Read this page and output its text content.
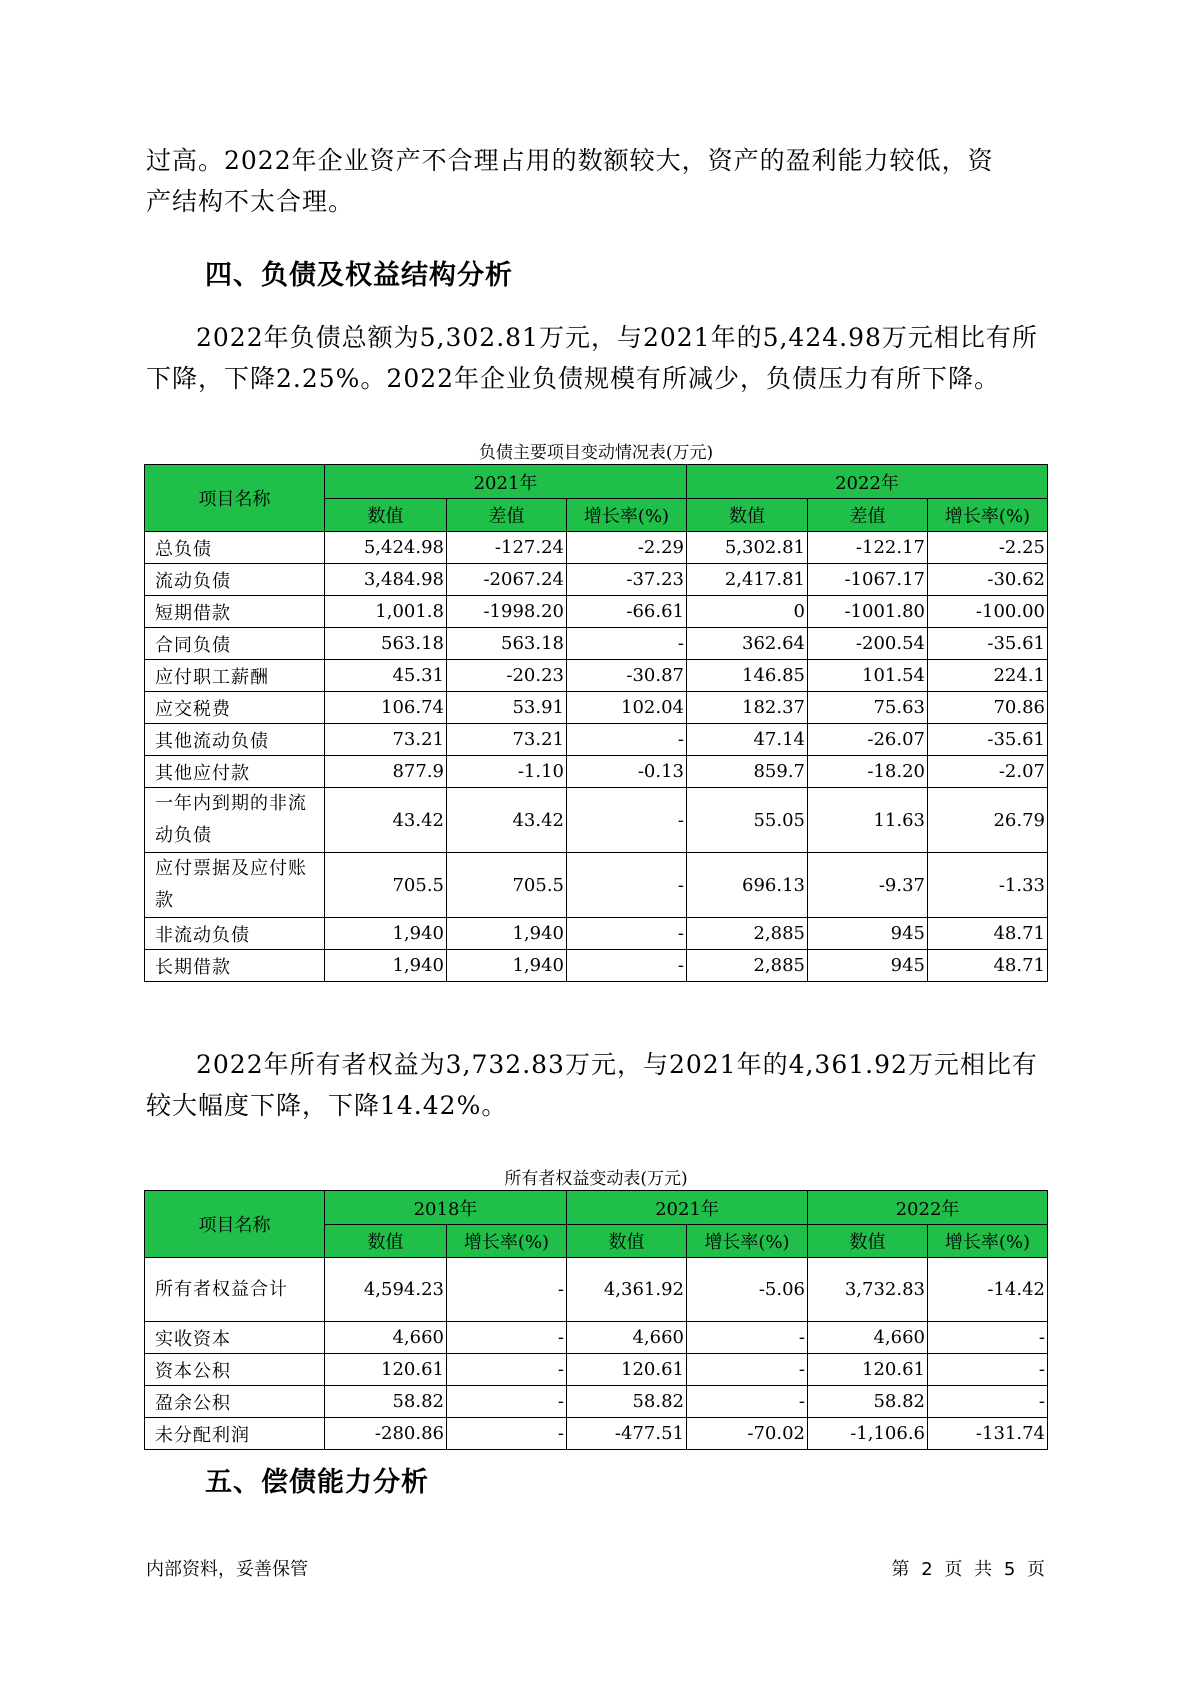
过高。2022年企业资产不合理占用的数额较大，资产的盈利能力较低，资

产结构不太合理。

四、负债及权益结构分析

2022年负债总额为5,302.81万元，与2021年的5,424.98万元相比有所

下降，下降2.25%。2022年企业负债规模有所减少，负债压力有所下降。

负债主要项目变动情况表(万元)
项目名称	2021年			2022年		
	数值	差值	增长率(%)	数值	差值	增长率(%)
总负债	5,424.98	-127.24	-2.29	5,302.81	-122.17	-2.25
流动负债	3,484.98	-2067.24	-37.23	2,417.81	-1067.17	-30.62
短期借款	1,001.8	-1998.20	-66.61	0	-1001.80	-100.00
合同负债	563.18	563.18	-	362.64	-200.54	-35.61
应付职工薪酬	45.31	-20.23	-30.87	146.85	101.54	224.1
应交税费	106.74	53.91	102.04	182.37	75.63	70.86
其他流动负债	73.21	73.21	-	47.14	-26.07	-35.61
其他应付款	877.9	-1.10	-0.13	859.7	-18.20	-2.07
一年内到期的非流动负债	43.42	43.42	-	55.05	11.63	26.79
应付票据及应付账款	705.5	705.5	-	696.13	-9.37	-1.33
非流动负债	1,940	1,940	-	2,885	945	48.71
长期借款	1,940	1,940	-	2,885	945	48.71

2022年所有者权益为3,732.83万元，与2021年的4,361.92万元相比有

较大幅度下降，下降14.42%。

所有者权益变动表(万元)
项目名称	2018年		2021年		2022年	
	数值	增长率(%)	数值	增长率(%)	数值	增长率(%)
所有者权益合计	4,594.23	-	4,361.92	-5.06	3,732.83	-14.42
实收资本	4,660	-	4,660	-	4,660	-
资本公积	120.61	-	120.61	-	120.61	-
盈余公积	58.82	-	58.82	-	58.82	-
未分配利润	-280.86	-	-477.51	-70.02	-1,106.6	-131.74
五、偿债能力分析
内部资料，妥善保管	第 2 页 共 5 页
